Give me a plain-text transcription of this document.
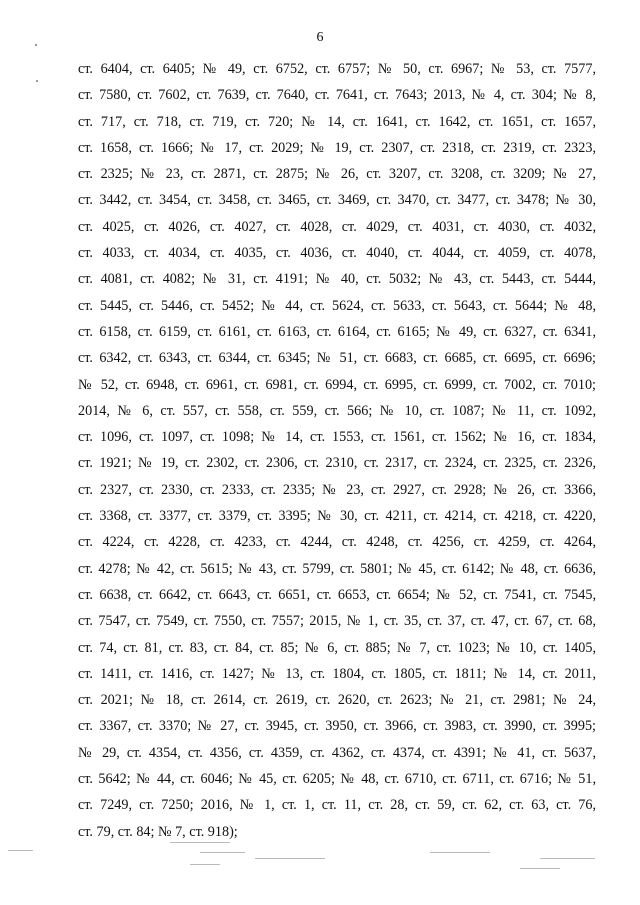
6
ст. 6404, ст. 6405; № 49, ст. 6752, ст. 6757; № 50, ст. 6967; № 53, ст. 7577,
ст. 7580, ст. 7602, ст. 7639, ст. 7640, ст. 7641, ст. 7643; 2013, № 4, ст. 304; № 8,
ст. 717, ст. 718, ст. 719, ст. 720; № 14, ст. 1641, ст. 1642, ст. 1651, ст. 1657,
ст. 1658, ст. 1666; № 17, ст. 2029; № 19, ст. 2307, ст. 2318, ст. 2319, ст. 2323,
ст. 2325; № 23, ст. 2871, ст. 2875; № 26, ст. 3207, ст. 3208, ст. 3209; № 27,
ст. 3442, ст. 3454, ст. 3458, ст. 3465, ст. 3469, ст. 3470, ст. 3477, ст. 3478; № 30,
ст. 4025, ст. 4026, ст. 4027, ст. 4028, ст. 4029, ст. 4031, ст. 4030, ст. 4032,
ст. 4033, ст. 4034, ст. 4035, ст. 4036, ст. 4040, ст. 4044, ст. 4059, ст. 4078,
ст. 4081, ст. 4082; № 31, ст. 4191; № 40, ст. 5032; № 43, ст. 5443, ст. 5444,
ст. 5445, ст. 5446, ст. 5452; № 44, ст. 5624, ст. 5633, ст. 5643, ст. 5644; № 48,
ст. 6158, ст. 6159, ст. 6161, ст. 6163, ст. 6164, ст. 6165; № 49, ст. 6327, ст. 6341,
ст. 6342, ст. 6343, ст. 6344, ст. 6345; № 51, ст. 6683, ст. 6685, ст. 6695, ст. 6696;
№ 52, ст. 6948, ст. 6961, ст. 6981, ст. 6994, ст. 6995, ст. 6999, ст. 7002, ст. 7010;
2014, № 6, ст. 557, ст. 558, ст. 559, ст. 566; № 10, ст. 1087; № 11, ст. 1092,
ст. 1096, ст. 1097, ст. 1098; № 14, ст. 1553, ст. 1561, ст. 1562; № 16, ст. 1834,
ст. 1921; № 19, ст. 2302, ст. 2306, ст. 2310, ст. 2317, ст. 2324, ст. 2325, ст. 2326,
ст. 2327, ст. 2330, ст. 2333, ст. 2335; № 23, ст. 2927, ст. 2928; № 26, ст. 3366,
ст. 3368, ст. 3377, ст. 3379, ст. 3395; № 30, ст. 4211, ст. 4214, ст. 4218, ст. 4220,
ст. 4224, ст. 4228, ст. 4233, ст. 4244, ст. 4248, ст. 4256, ст. 4259, ст. 4264,
ст. 4278; № 42, ст. 5615; № 43, ст. 5799, ст. 5801; № 45, ст. 6142; № 48, ст. 6636,
ст. 6638, ст. 6642, ст. 6643, ст. 6651, ст. 6653, ст. 6654; № 52, ст. 7541, ст. 7545,
ст. 7547, ст. 7549, ст. 7550, ст. 7557; 2015, № 1, ст. 35, ст. 37, ст. 47, ст. 67, ст. 68,
ст. 74, ст. 81, ст. 83, ст. 84, ст. 85; № 6, ст. 885; № 7, ст. 1023; № 10, ст. 1405,
ст. 1411, ст. 1416, ст. 1427; № 13, ст. 1804, ст. 1805, ст. 1811; № 14, ст. 2011,
ст. 2021; № 18, ст. 2614, ст. 2619, ст. 2620, ст. 2623; № 21, ст. 2981; № 24,
ст. 3367, ст. 3370; № 27, ст. 3945, ст. 3950, ст. 3966, ст. 3983, ст. 3990, ст. 3995;
№ 29, ст. 4354, ст. 4356, ст. 4359, ст. 4362, ст. 4374, ст. 4391; № 41, ст. 5637,
ст. 5642; № 44, ст. 6046; № 45, ст. 6205; № 48, ст. 6710, ст. 6711, ст. 6716; № 51,
ст. 7249, ст. 7250; 2016, № 1, ст. 1, ст. 11, ст. 28, ст. 59, ст. 62, ст. 63, ст. 76,
ст. 79, ст. 84; № 7, ст. 918);
